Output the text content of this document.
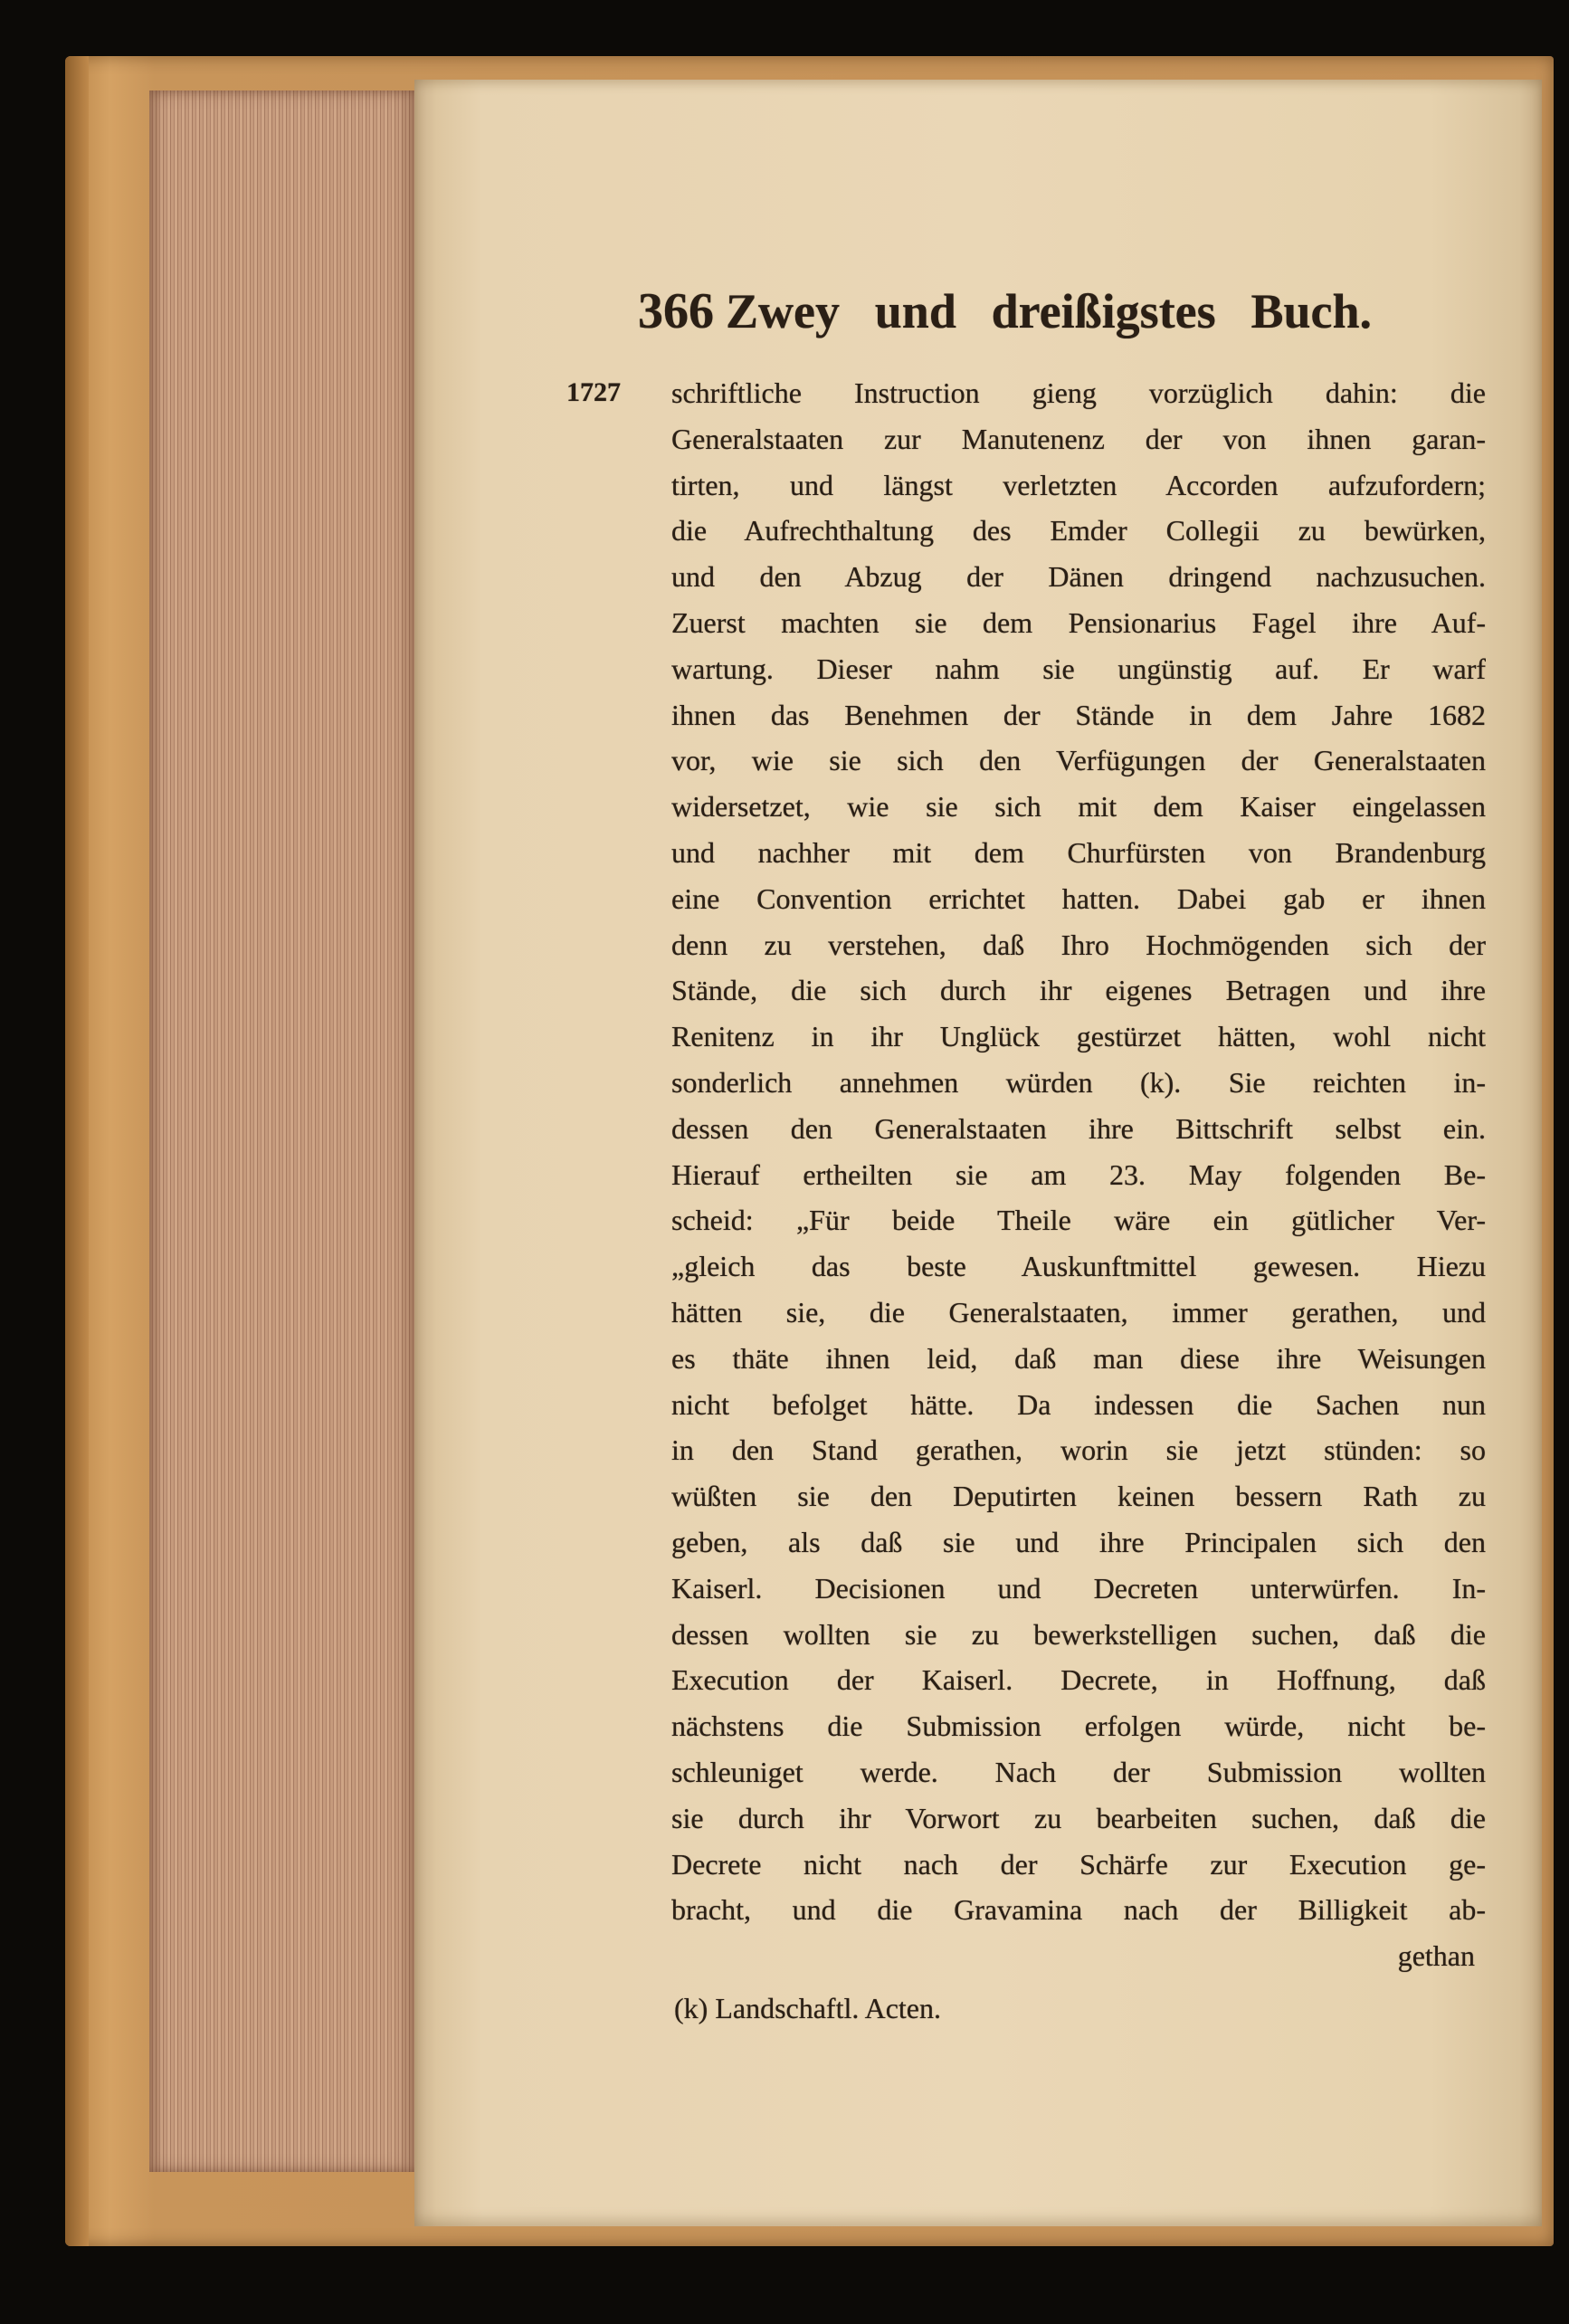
366 Zwey und dreißigstes Buch.
1727 schriftliche Instruction gieng vorzüglich dahin: die
Generalstaaten zur Manutenenz der von ihnen garan-
tirten, und längst verletzten Accorden aufzufordern;
die Aufrechthaltung des Emder Collegii zu bewürken,
und den Abzug der Dänen dringend nachzusuchen.
Zuerst machten sie dem Pensionarius Fagel ihre Auf-
wartung. Dieser nahm sie ungünstig auf. Er warf
ihnen das Benehmen der Stände in dem Jahre 1682
vor, wie sie sich den Verfügungen der Generalstaaten
widersetzet, wie sie sich mit dem Kaiser eingelassen
und nachher mit dem Churfürsten von Brandenburg
eine Convention errichtet hatten. Dabei gab er ihnen
denn zu verstehen, daß Ihro Hochmögenden sich der
Stände, die sich durch ihr eigenes Betragen und ihre
Renitenz in ihr Unglück gestürzet hätten, wohl nicht
sonderlich annehmen würden (k). Sie reichten in-
dessen den Generalstaaten ihre Bittschrift selbst ein.
Hierauf ertheilten sie am 23. May folgenden Be-
scheid: „Für beide Theile wäre ein gütlicher Ver-
„gleich das beste Auskunftmittel gewesen. Hiezu
hätten sie, die Generalstaaten, immer gerathen, und
es thäte ihnen leid, daß man diese ihre Weisungen
nicht befolget hätte. Da indessen die Sachen nun
in den Stand gerathen, worin sie jetzt stünden: so
wüßten sie den Deputirten keinen bessern Rath zu
geben, als daß sie und ihre Principalen sich den
Kaiserl. Decisionen und Decreten unterwürfen. In-
dessen wollten sie zu bewerkstelligen suchen, daß die
Execution der Kaiserl. Decrete, in Hoffnung, daß
nächstens die Submission erfolgen würde, nicht be-
schleuniget werde. Nach der Submission wollten
sie durch ihr Vorwort zu bearbeiten suchen, daß die
Decrete nicht nach der Schärfe zur Execution ge-
bracht, und die Gravamina nach der Billigkeit ab-
gethan
(k) Landschaftl. Acten.
